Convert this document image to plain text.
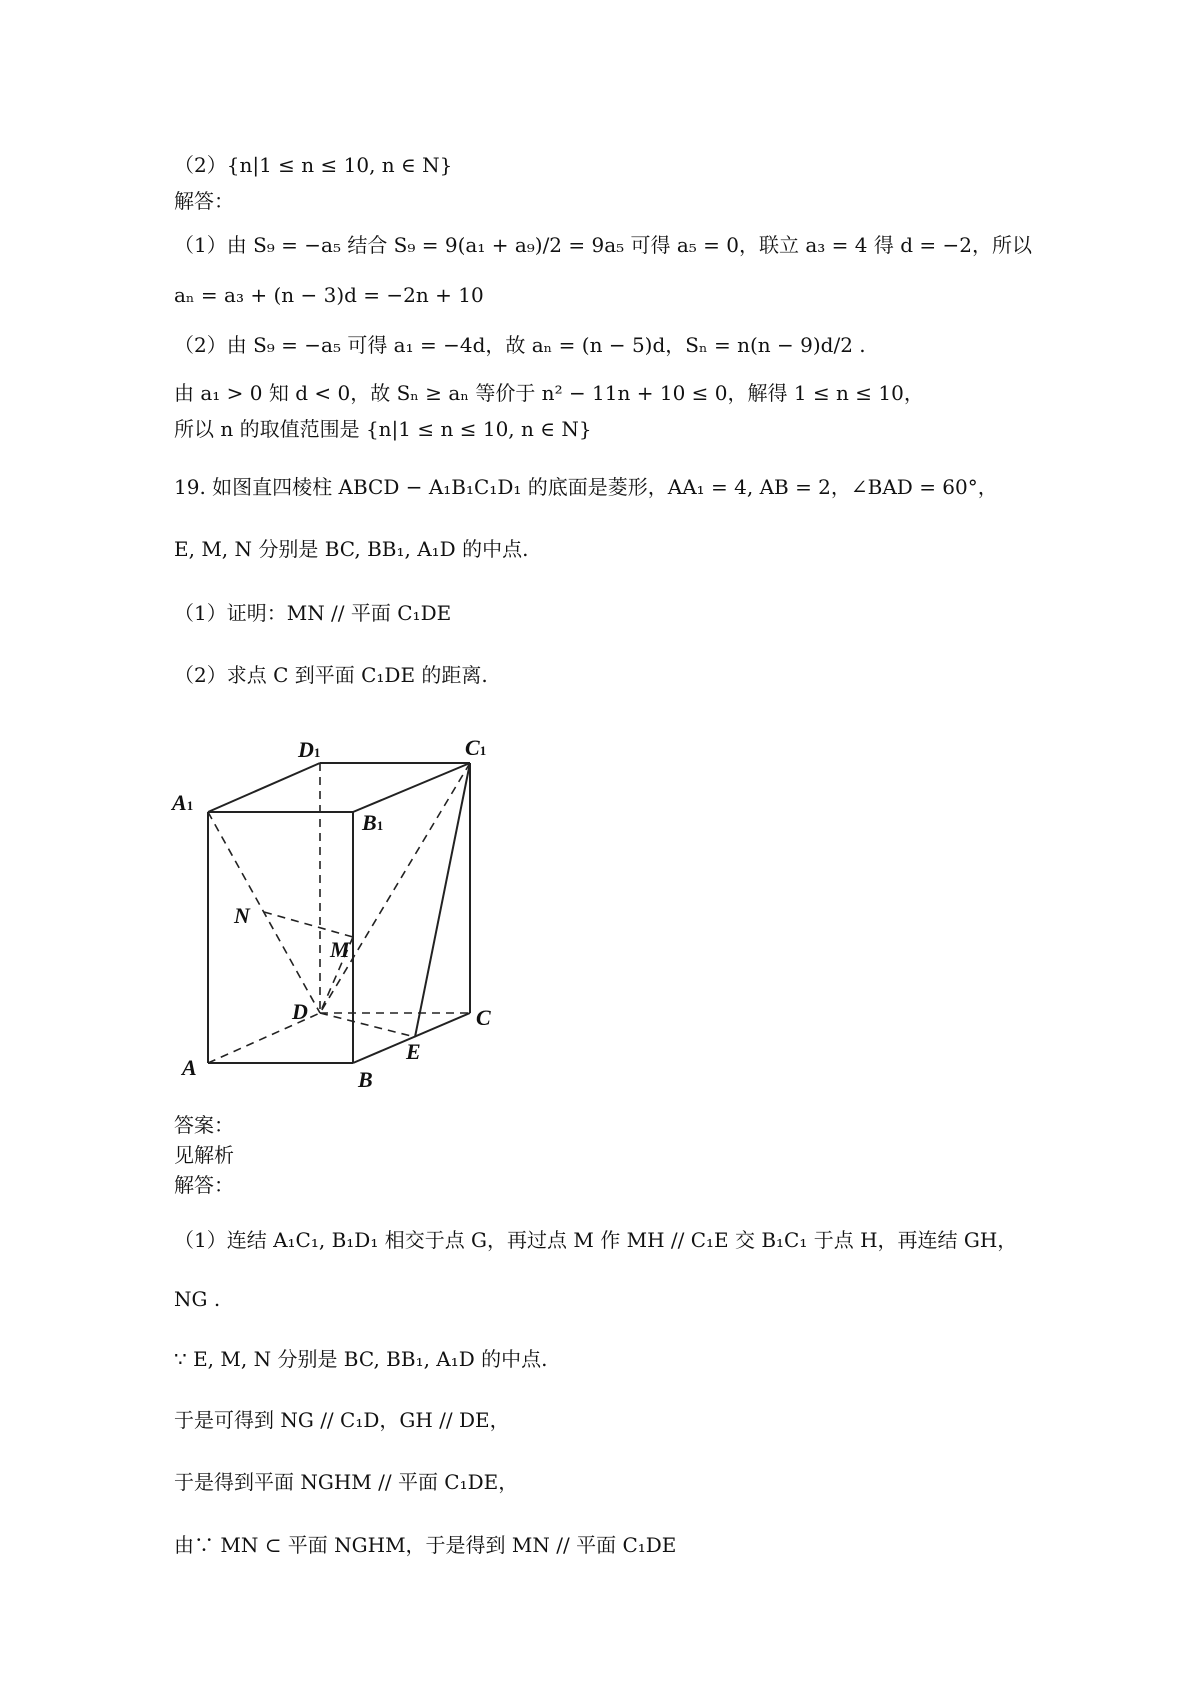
（2）{n|1 ≤ n ≤ 10, n ∈ N}
解答：
（1）由 S₉ = −a₅ 结合 S₉ = 9(a₁ + a₉)/2 = 9a₅ 可得 a₅ = 0，联立 a₃ = 4 得 d = −2，所以
aₙ = a₃ + (n − 3)d = −2n + 10
（2）由 S₉ = −a₅ 可得 a₁ = −4d，故 aₙ = (n − 5)d，Sₙ = n(n − 9)d/2 .
由 a₁ > 0 知 d < 0，故 Sₙ ≥ aₙ 等价于 n² − 11n + 10 ≤ 0，解得 1 ≤ n ≤ 10，
所以 n 的取值范围是 {n|1 ≤ n ≤ 10, n ∈ N}
19. 如图直四棱柱 ABCD − A₁B₁C₁D₁ 的底面是菱形，AA₁ = 4, AB = 2，∠BAD = 60°，
E, M, N 分别是 BC, BB₁, A₁D 的中点.
（1）证明：MN // 平面 C₁DE
（2）求点 C 到平面 C₁DE 的距离.
D1	C1
A1
B1
N
M
D	C
E
A	B
答案：
见解析
解答：
（1）连结 A₁C₁, B₁D₁ 相交于点 G，再过点 M 作 MH // C₁E 交 B₁C₁ 于点 H，再连结 GH，
NG .
∵ E, M, N 分别是 BC, BB₁, A₁D 的中点.
于是可得到 NG // C₁D，GH // DE，
于是得到平面 NGHM // 平面 C₁DE，
由∵ MN ⊂ 平面 NGHM，于是得到 MN // 平面 C₁DE
